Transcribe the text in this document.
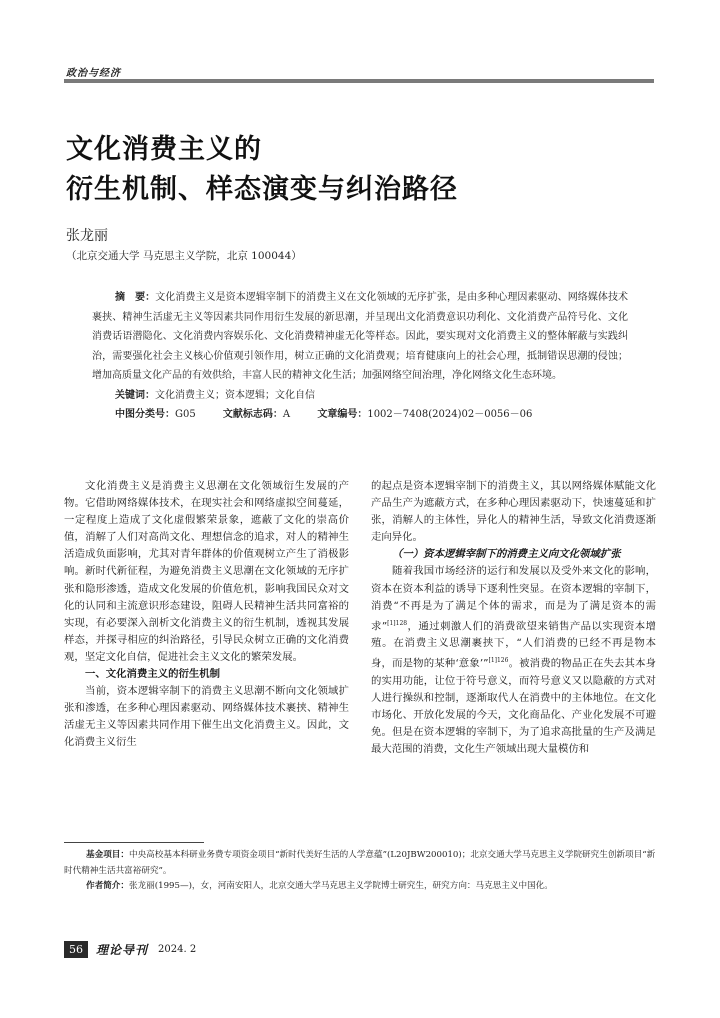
政治与经济
文化消费主义的
衍生机制、样态演变与纠治路径
张龙丽
（北京交通大学 马克思主义学院，北京 100044）

摘　要：文化消费主义是资本逻辑宰制下的消费主义在文化领域的无序扩张，是由多种心理因素驱动、网络媒体技术裹挟、精神生活虚无主义等因素共同作用衍生发展的新思潮，并呈现出文化消费意识功利化、文化消费产品符号化、文化消费话语潜隐化、文化消费内容娱乐化、文化消费精神虚无化等样态。因此，要实现对文化消费主义的整体解蔽与实践纠治，需要强化社会主义核心价值观引领作用，树立正确的文化消费观；培育健康向上的社会心理，抵制错误思潮的侵蚀；增加高质量文化产品的有效供给，丰富人民的精神文化生活；加强网络空间治理，净化网络文化生态环境。

关键词：文化消费主义；资本逻辑；文化自信

中图分类号：G05	文献标志码：A	文章编号：1002－7408(2024)02－0056－06

文化消费主义是消费主义思潮在文化领域衍生发展的产物。它借助网络媒体技术，在现实社会和网络虚拟空间蔓延，一定程度上造成了文化虚假繁荣景象，遮蔽了文化的崇高价值，消解了人们对高尚文化、理想信念的追求，对人的精神生活造成负面影响，尤其对青年群体的价值观树立产生了消极影响。新时代新征程，为避免消费主义思潮在文化领域的无序扩张和隐形渗透，造成文化发展的价值危机，影响我国民众对文化的认同和主流意识形态建设，阻碍人民精神生活共同富裕的实现，有必要深入剖析文化消费主义的衍生机制，透视其发展样态，并探寻相应的纠治路径，引导民众树立正确的文化消费观，坚定文化自信，促进社会主义文化的繁荣发展。

一、文化消费主义的衍生机制

当前，资本逻辑宰制下的消费主义思潮不断向文化领域扩张和渗透，在多种心理因素驱动、网络媒体技术裹挟、精神生活虚无主义等因素共同作用下催生出文化消费主义。因此，文化消费主义衍生

的起点是资本逻辑宰制下的消费主义，其以网络媒体赋能文化产品生产为遮蔽方式，在多种心理因素驱动下，快速蔓延和扩张，消解人的主体性，异化人的精神生活，导致文化消费逐渐走向异化。

（一）资本逻辑宰制下的消费主义向文化领域扩张

随着我国市场经济的运行和发展以及受外来文化的影响，资本在资本利益的诱导下逐利性突显。在资本逻辑的宰制下，消费“不再是为了满足个体的需求，而是为了满足资本的需求”$^{[1]128}$，通过刺激人们的消费欲望来销售产品以实现资本增殖。在消费主义思潮裹挟下，“人们消费的已经不再是物本身，而是物的某种‘意象’”$^{[1]126}$。被消费的物品正在失去其本身的实用功能，让位于符号意义，而符号意义又以隐蔽的方式对人进行操纵和控制，逐渐取代人在消费中的主体地位。在文化市场化、开放化发展的今天，文化商品化、产业化发展不可避免。但是在资本逻辑的宰制下，为了追求高批量的生产及满足最大范围的消费，文化生产领域出现大量模仿和

基金项目：中央高校基本科研业务费专项资金项目“新时代美好生活的人学意蕴”(L20JBW200010)；北京交通大学马克思主义学院研究生创新项目“新时代精神生活共富裕研究”。

作者简介：张龙丽(1995—)，女，河南安阳人，北京交通大学马克思主义学院博士研究生，研究方向：马克思主义中国化。

56	理论导刊 2024. 2
